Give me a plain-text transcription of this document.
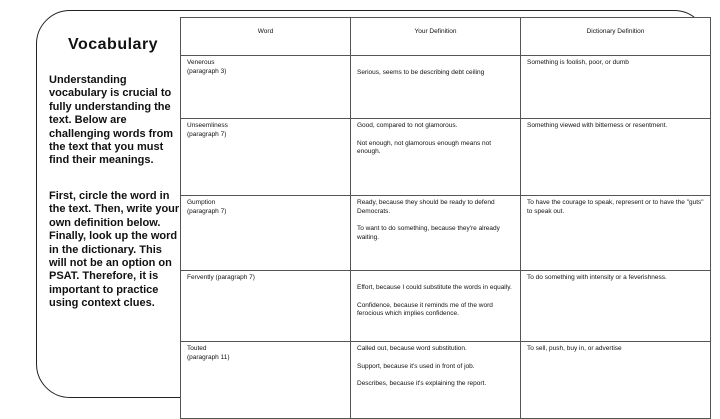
Vocabulary

Understanding vocabulary is crucial to fully understanding the text. Below are challenging words from the text that you must find their meanings.

First, circle the word in the text. Then, write your own definition below. Finally, look up the word in the dictionary. This will not be an option on PSAT. Therefore, it is important to practice using context clues.

Word	Your Definition	Dictionary Definition

Venerous
(paragraph 3)	Serious, seems to be describing debt ceiling	Something is foolish, poor, or dumb

Unseemliness
(paragraph 7)	Good, compared to not glamorous.
Not enough, not glamorous enough means not enough.	Something viewed with bitterness or resentment.

Gumption
(paragraph 7)	Ready, because they should be ready to defend Democrats.
To want to do something, because they're already waiting.	To have the courage to speak, represent or to have the "guts" to speak out.

Fervently (paragraph 7)	Effort, because I could substitute the words in equally.
Confidence, because it reminds me of the word ferocious which implies confidence.	To do something with intensity or a feverishness.

Touted
(paragraph 11)	Called out, because word substitution.
Support, because it's used in front of job.
Describes, because it's explaining the report.	To sell, push, buy in, or advertise
